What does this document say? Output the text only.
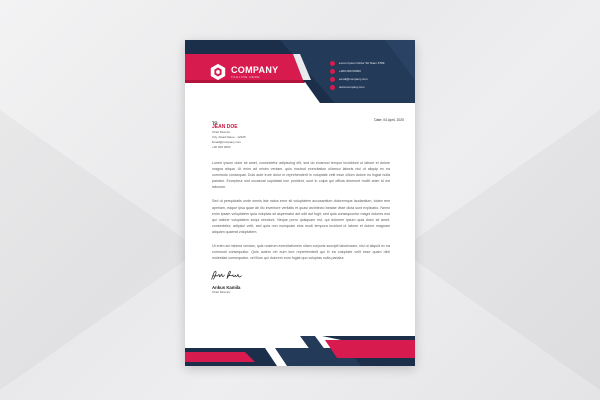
COMPANY
TAGLINE HERE
Lorem Ipsum Dolor Sit Team 6789
+000 000 00000
email@company.com
www.company.com
Date: 04 April, 2020
TO
JEAN DOE
Chief Director
City, Road Name - 12345
Email@company.com
+00 000 0000

Lorem ipsum dolor sit amet, consectetur adipiscing elit, sed do eiusmod tempor incididunt ut labore et dolore magna aliqua. Ut enim ad minim veniam, quis nostrud exercitation ullamco laboris nisi ut aliquip ex ea commodo consequat. Duis aute irure dolor in reprehenderit in voluptate velit esse cillum dolore eu fugiat nulla pariatur. Excepteur sint occaecat cupidatat non proident, sunt in culpa qui officia deserunt mollit anim id est laborum.

Sed ut perspiciatis unde omnis iste natus error sit voluptatem accusantium doloremque laudantium, totam rem aperiam, eaque ipsa quae ab illo inventore veritatis et quasi architecto beatae vitae dicta sunt explicabo. Nemo enim ipsam voluptatem quia voluptas sit aspernatur aut odit aut fugit, sed quia consequuntur magni dolores eos qui ratione voluptatem sequi nesciunt. Neque porro quisquam est, qui dolorem ipsum quia dolor sit amet, consectetur, adipisci velit, sed quia non numquam eius modi tempora incidunt ut labore et dolore magnam aliquam quaerat voluptatem.

Ut enim ad minima veniam, quis nostrum exercitationem ullam corporis suscipit laboriosam, nisi ut aliquid ex ea commodi consequatur. Quis autem vel eum iure reprehenderit qui in ea voluptate velit esse quam nihil molestiae consequatur, vel illum qui dolorem eum fugiat quo voluptas nulla pariatur.

Ankus Kamila
Chief Director
